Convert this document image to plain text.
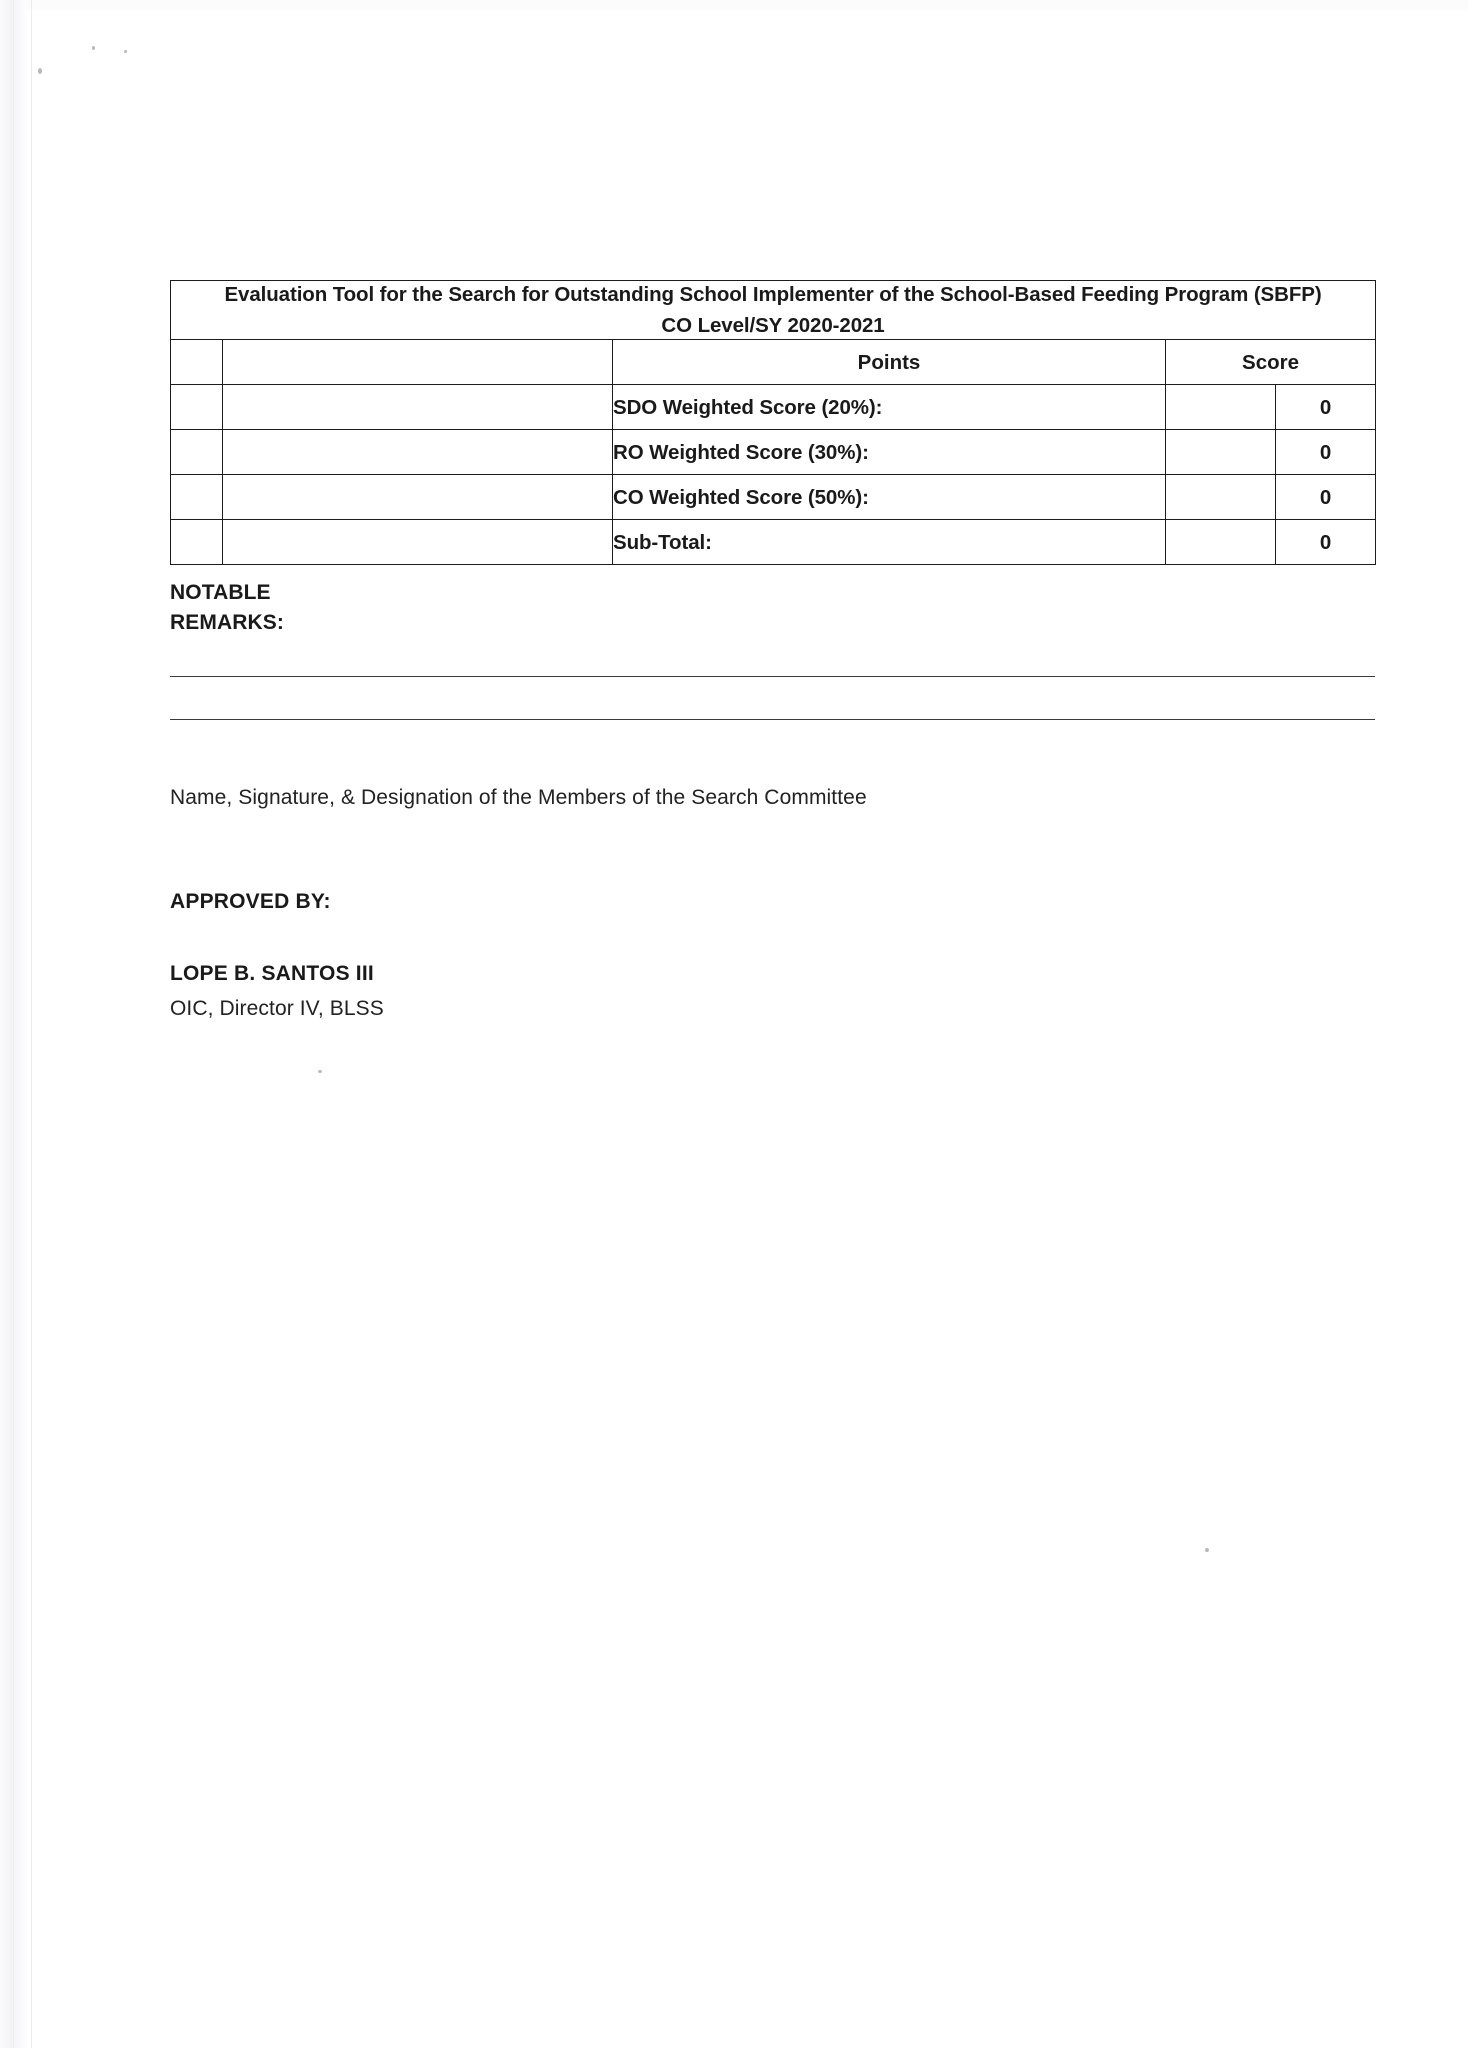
Evaluation Tool for the Search for Outstanding School Implementer of the School-Based Feeding Program (SBFP)
CO Level/SY 2020-2021				

		Points	Score	
		SDO Weighted Score (20%):		0
		RO Weighted Score (30%):		0
		CO Weighted Score (50%):		0
		Sub-Total:		0
NOTABLE
REMARKS:
Name, Signature, & Designation of the Members of the Search Committee
APPROVED BY:
LOPE B. SANTOS III
OIC, Director IV, BLSS
